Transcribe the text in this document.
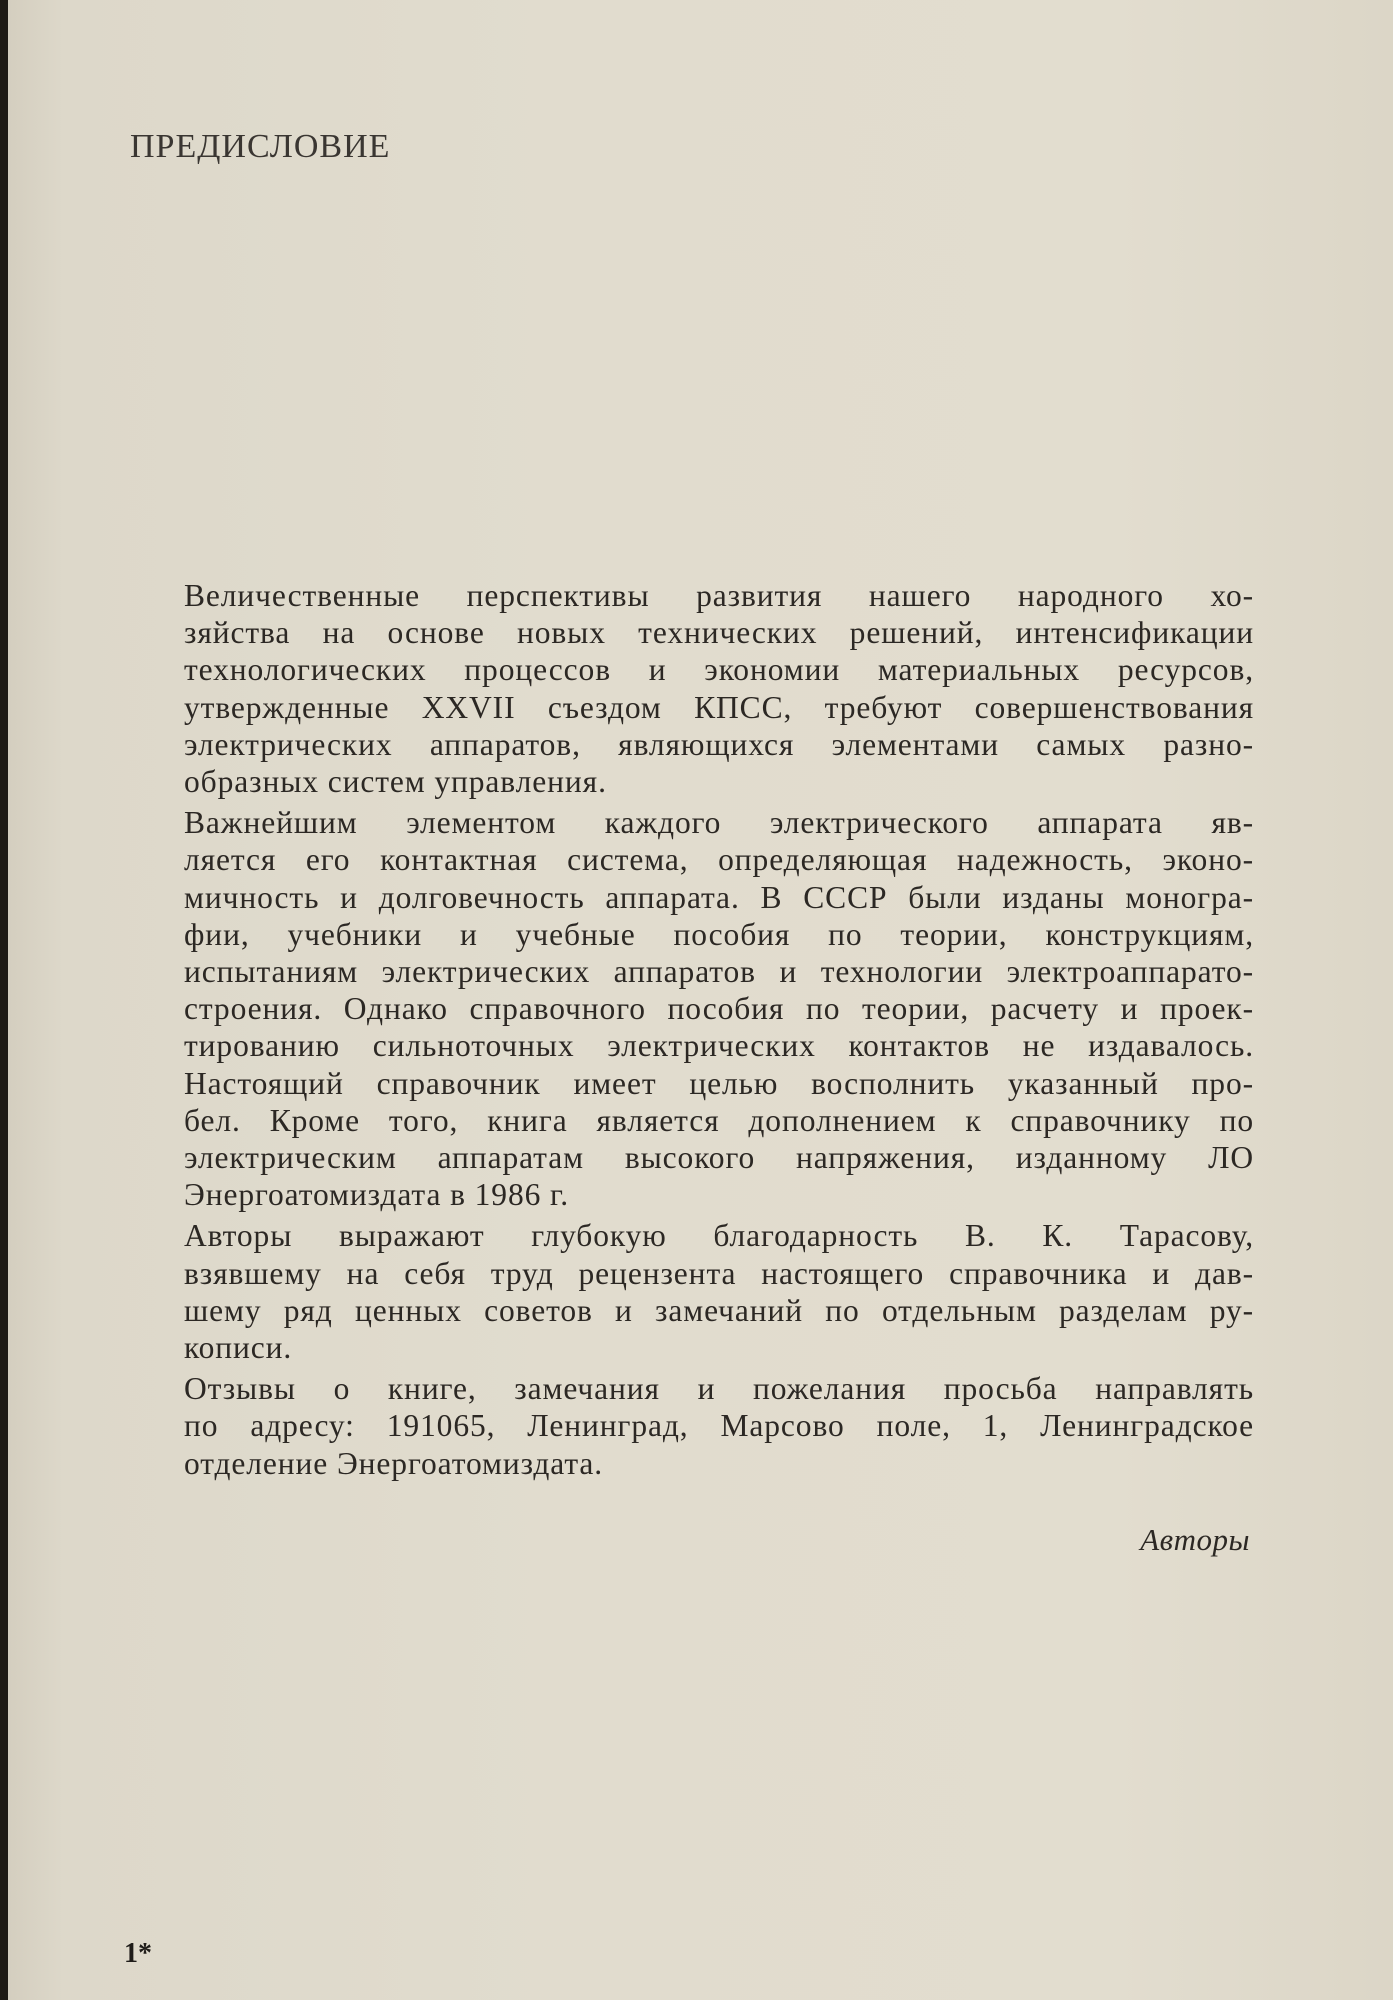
ПРЕДИСЛОВИЕ

Величественные перспективы развития нашего народного хо-
зяйства на основе новых технических решений, интенсификации
технологических процессов и экономии материальных ресурсов,
утвержденные XXVII съездом КПСС, требуют совершенствования
электрических аппаратов, являющихся элементами самых разно-
образных систем управления.

Важнейшим элементом каждого электрического аппарата яв-
ляется его контактная система, определяющая надежность, эконо-
мичность и долговечность аппарата. В СССР были изданы моногра-
фии, учебники и учебные пособия по теории, конструкциям,
испытаниям электрических аппаратов и технологии электроаппарато-
строения. Однако справочного пособия по теории, расчету и проек-
тированию сильноточных электрических контактов не издавалось.
Настоящий справочник имеет целью восполнить указанный про-
бел. Кроме того, книга является дополнением к справочнику по
электрическим аппаратам высокого напряжения, изданному ЛО
Энергоатомиздата в 1986 г.

Авторы выражают глубокую благодарность В. К. Тарасову,
взявшему на себя труд рецензента настоящего справочника и дав-
шему ряд ценных советов и замечаний по отдельным разделам ру-
кописи.

Отзывы о книге, замечания и пожелания просьба направлять
по адресу: 191065, Ленинград, Марсово поле, 1, Ленинградское
отделение Энергоатомиздата.

Авторы
1*
